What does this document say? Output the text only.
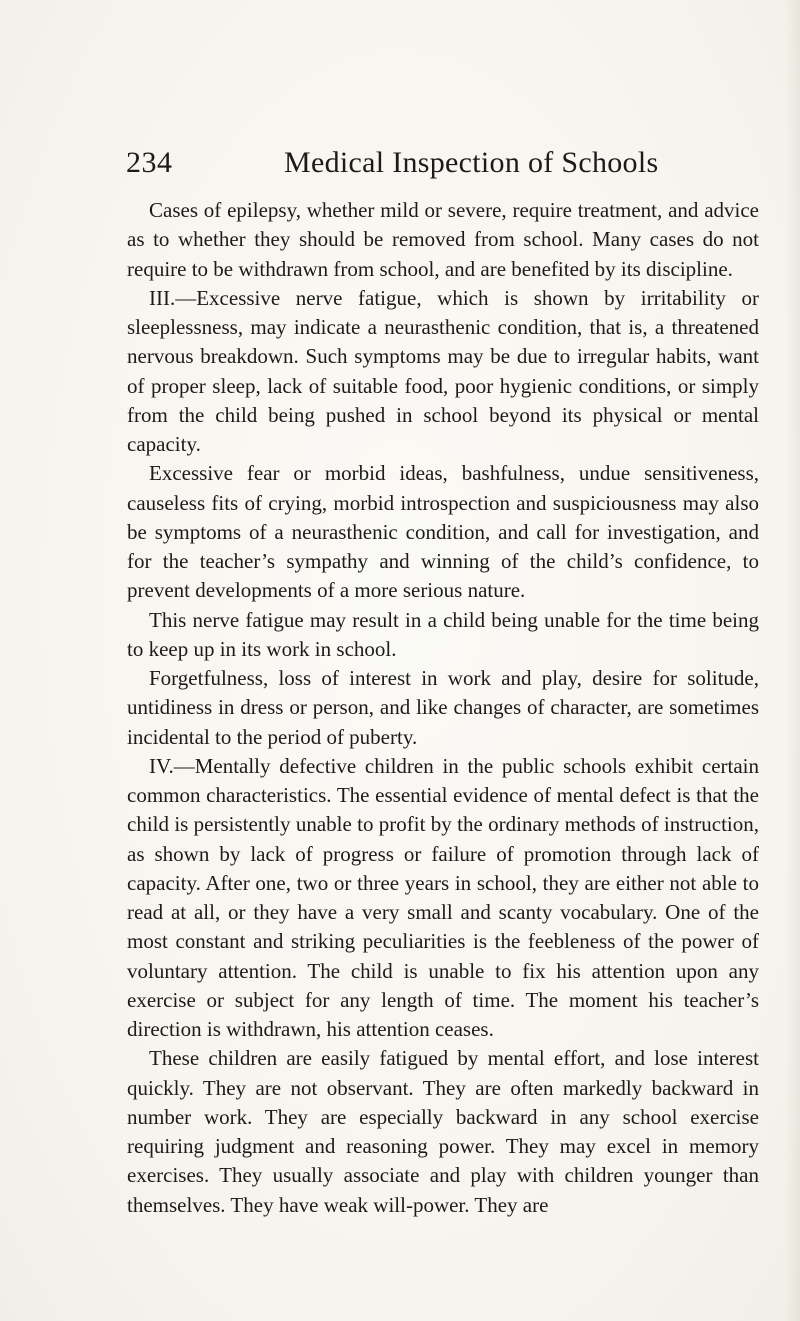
234	Medical Inspection of Schools

Cases of epilepsy, whether mild or severe, require treatment, and advice as to whether they should be removed from school. Many cases do not require to be withdrawn from school, and are benefited by its discipline.

III.—Excessive nerve fatigue, which is shown by irritability or sleeplessness, may indicate a neurasthenic condition, that is, a threatened nervous breakdown. Such symptoms may be due to irregular habits, want of proper sleep, lack of suitable food, poor hygienic conditions, or simply from the child being pushed in school beyond its physical or mental capacity.

Excessive fear or morbid ideas, bashfulness, undue sensitiveness, causeless fits of crying, morbid introspection and suspiciousness may also be symptoms of a neurasthenic condition, and call for investigation, and for the teacher’s sympathy and winning of the child’s confidence, to prevent developments of a more serious nature.

This nerve fatigue may result in a child being unable for the time being to keep up in its work in school.

Forgetfulness, loss of interest in work and play, desire for solitude, untidiness in dress or person, and like changes of character, are sometimes incidental to the period of puberty.

IV.—Mentally defective children in the public schools exhibit certain common characteristics. The essential evidence of mental defect is that the child is persistently unable to profit by the ordinary methods of instruction, as shown by lack of progress or failure of promotion through lack of capacity. After one, two or three years in school, they are either not able to read at all, or they have a very small and scanty vocabulary. One of the most constant and striking peculiarities is the feebleness of the power of voluntary attention. The child is unable to fix his attention upon any exercise or subject for any length of time. The moment his teacher’s direction is withdrawn, his attention ceases.

These children are easily fatigued by mental effort, and lose interest quickly. They are not observant. They are often markedly backward in number work. They are especially backward in any school exercise requiring judgment and reasoning power. They may excel in memory exercises. They usually associate and play with children younger than themselves. They have weak will-power. They are
